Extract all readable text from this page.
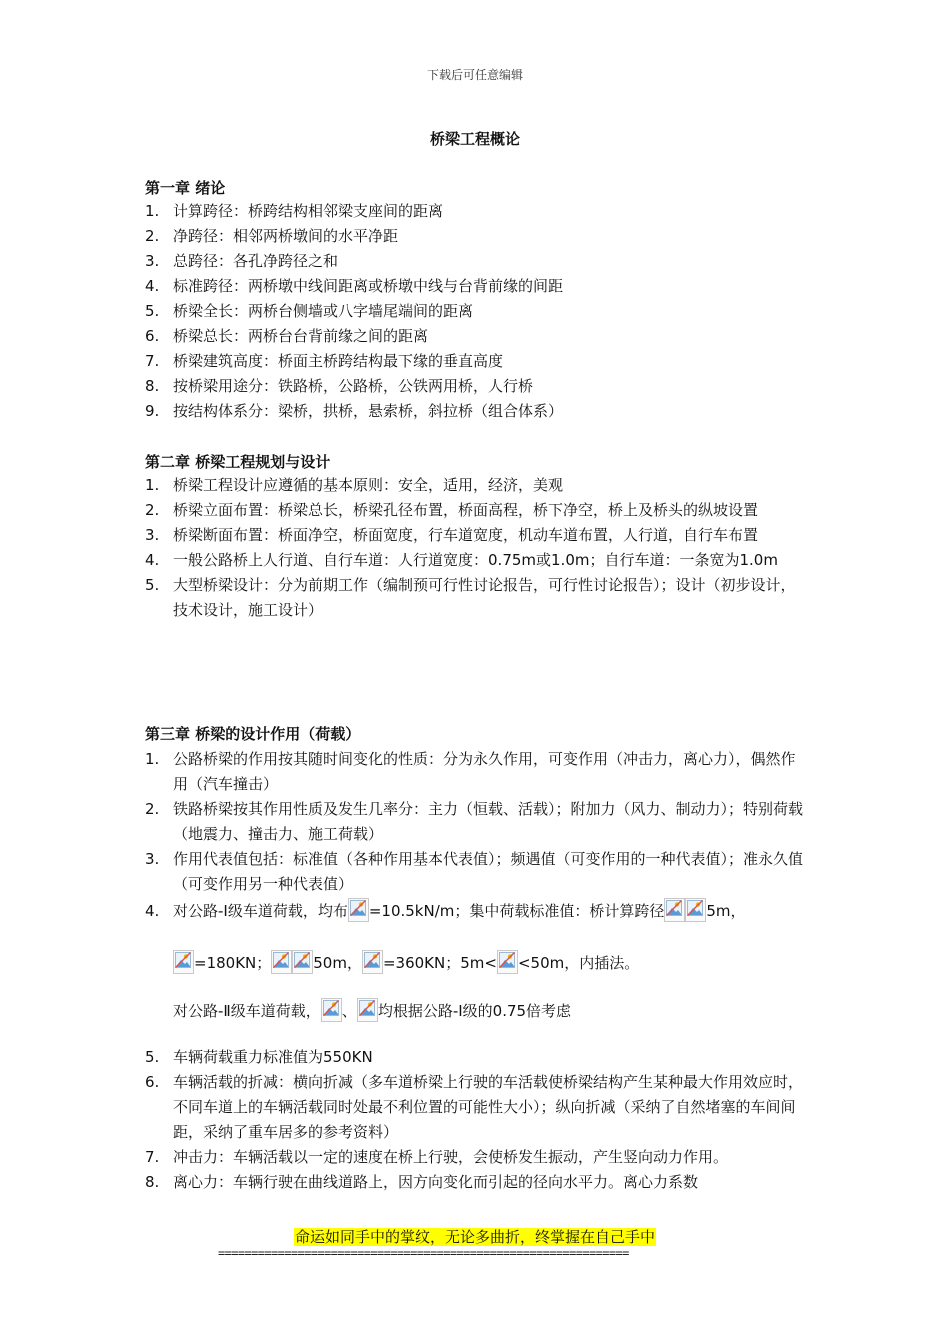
下载后可任意编辑
桥梁工程概论
第一章 绪论
1. 计算跨径：桥跨结构相邻梁支座间的距离
2. 净跨径：相邻两桥墩间的水平净距
3. 总跨径：各孔净跨径之和
4. 标准跨径：两桥墩中线间距离或桥墩中线与台背前缘的间距
5. 桥梁全长：两桥台侧墙或八字墙尾端间的距离
6. 桥梁总长：两桥台台背前缘之间的距离
7. 桥梁建筑高度：桥面主桥跨结构最下缘的垂直高度
8. 按桥梁用途分：铁路桥，公路桥，公铁两用桥，人行桥
9. 按结构体系分：梁桥，拱桥，悬索桥，斜拉桥（组合体系）
第二章 桥梁工程规划与设计
1. 桥梁工程设计应遵循的基本原则：安全，适用，经济，美观
2. 桥梁立面布置：桥梁总长，桥梁孔径布置，桥面高程，桥下净空，桥上及桥头的纵坡设置
3. 桥梁断面布置：桥面净空，桥面宽度，行车道宽度，机动车道布置，人行道，自行车布置
4. 一般公路桥上人行道、自行车道：人行道宽度：0.75m或1.0m；自行车道：一条宽为1.0m
5. 大型桥梁设计：分为前期工作（编制预可行性讨论报告，可行性讨论报告）；设计（初步设计，技术设计，施工设计）
第三章 桥梁的设计作用（荷载）
1. 公路桥梁的作用按其随时间变化的性质：分为永久作用，可变作用（冲击力，离心力），偶然作用（汽车撞击）
2. 铁路桥梁按其作用性质及发生几率分：主力（恒载、活载）；附加力（风力、制动力）；特别荷载（地震力、撞击力、施工荷载）
3. 作用代表值包括：标准值（各种作用基本代表值）；频遇值（可变作用的一种代表值）；准永久值（可变作用另一种代表值）
4. 对公路-Ⅰ级车道荷载，均布 =10.5kN/m；集中荷载标准值：桥计算跨径	5m，
=180KN；	50m， =360KN；5m< <50m，内插法。
对公路-Ⅱ级车道荷载， 、 均根据公路-Ⅰ级的0.75倍考虑
5. 车辆荷载重力标准值为550KN
6. 车辆活载的折减：横向折减（多车道桥梁上行驶的车活载使桥梁结构产生某种最大作用效应时，不同车道上的车辆活载同时处最不利位置的可能性大小）；纵向折减（采纳了自然堵塞的车间间距，采纳了重车居多的参考资料）
7. 冲击力：车辆活载以一定的速度在桥上行驶，会使桥发生振动，产生竖向动力作用。
8. 离心力：车辆行驶在曲线道路上，因方向变化而引起的径向水平力。离心力系数
命运如同手中的掌纹，无论多曲折，终掌握在自己手中
==============================================================
